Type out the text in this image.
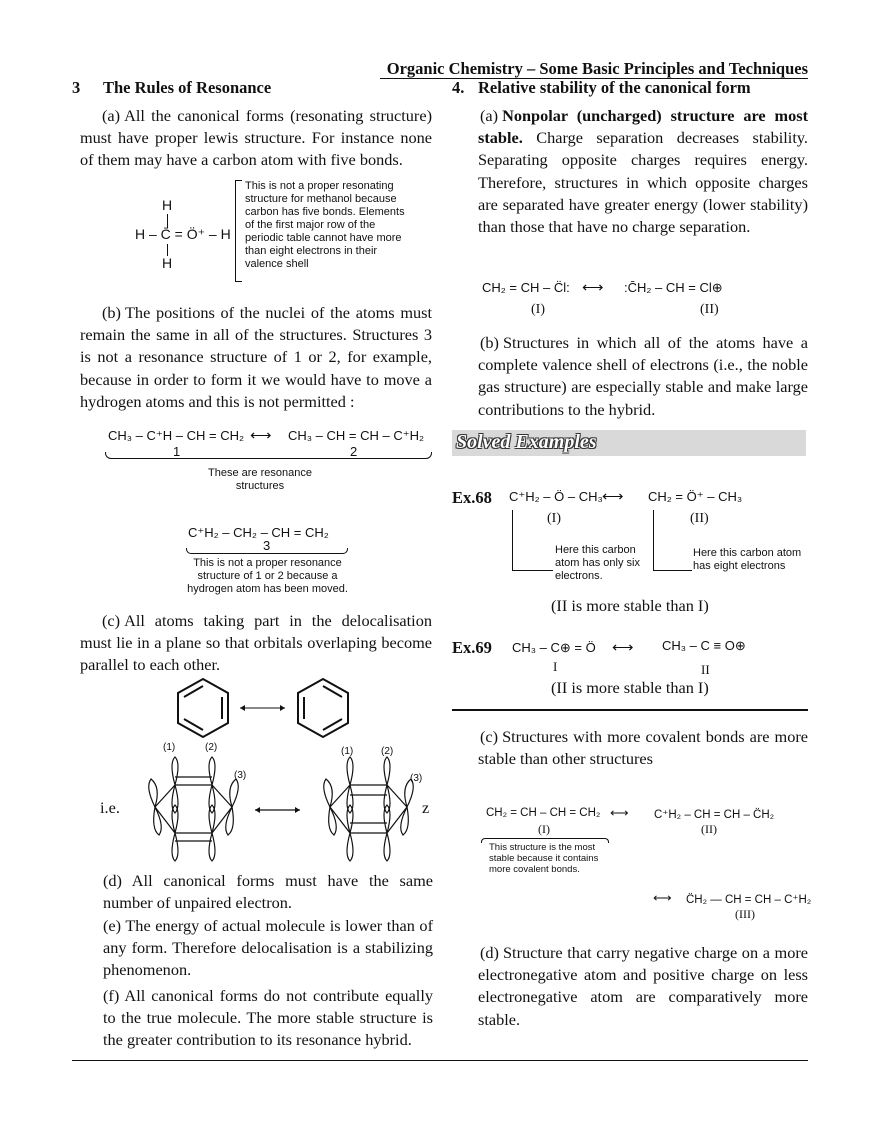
Organic Chemistry – Some Basic Principles and Techniques
3 The Rules of Resonance
(a) All the canonical forms (resonating structure) must have proper lewis structure. For instance none of them may have a carbon atom with five bonds.
H
H – C̄ = Ö⁺ – H
H
This is not a proper resonating structure for methanol because carbon has five bonds. Elements of the first major row of the periodic table cannot have more than eight electrons in their valence shell
(b) The positions of the nuclei of the atoms must remain the same in all of the structures. Structures 3 is not a resonance structure of 1 or 2, for example, because in order to form it we would have to move a hydrogen atoms and this is not permitted :
CH₃ – C⁺H – CH = CH₂ ⟷ CH₃ – CH = CH – C⁺H₂
1	2
These are resonance structures
C⁺H₂ – CH₂ – CH = CH₂
3
This is not a proper resonance structure of 1 or 2 because a hydrogen atom has been moved.
(c) All atoms taking part in the delocalisation must lie in a plane so that orbitals overlaping become parallel to each other.
i.e.	z
(1)	(2)
(3)
(1)	(2)
(3)
(d) All canonical forms must have the same number of unpaired electron.
(e) The energy of actual molecule is lower than of any form. Therefore delocalisation is a stabilizing phenomenon.
(f) All canonical forms do not contribute equally to the true molecule. The more stable structure is the greater contribution to its resonance hybrid.
4. Relative stability of the canonical form
(a) Nonpolar (uncharged) structure are most stable. Charge separation decreases stability. Separating opposite charges requires energy. Therefore, structures in which opposite charges are separated have greater energy (lower stability) than those that have no charge separation.
CH₂ = CH – C̈l: ⟷ :C̄H₂ – CH = Cl⊕
(I)	(II)
(b) Structures in which all of the atoms have a complete valence shell of electrons (i.e., the noble gas structure) are especially stable and make large contributions to the hybrid.
Solved Examples
Ex.68 C⁺H₂ – Ö – CH₃ ⟷ CH₂ = Ö⁺ – CH₃
(I)	(II)
Here this carbon atom has only six electrons.
Here this carbon atom has eight electrons
(II is more stable than I)
Ex.69 CH₃ – C⊕ = Ö ⟷ CH₃ – C ≡ O⊕
I	II
(II is more stable than I)
(c) Structures with more covalent bonds are more stable than other structures
CH₂ = CH – CH = CH₂ ⟷ C⁺H₂ – CH = CH – C̈H₂
(I)	(II)
This structure is the most stable because it contains more covalent bonds.
⟷ C̈H₂ — CH = CH – C⁺H₂
(III)
(d) Structure that carry negative charge on a more electronegative atom and positive charge on less electronegative atom are comparatively more stable.
